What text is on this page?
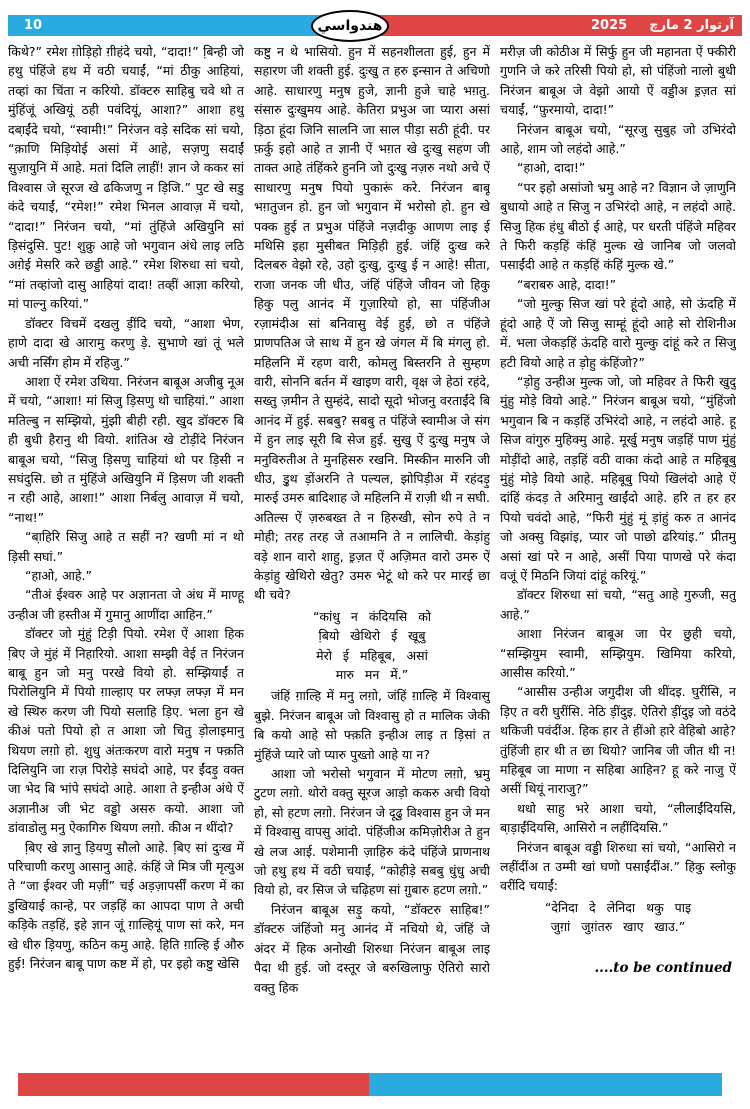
10	2025 آرتوار 2 مارچ
هندواسي

किथे?” रमेश ग़ोड़िहो ग़ीहंदे चयो, “दादा!” बि़न्ही जो हथु पंहिंजे हथ में वठी चयाईं, “मां ठीकु आहियां, तव्हां का चिंता न करियो. डॉक्टरु साहिबु चवे थो त मुंहिंजूं अखियूं ठही पवंदियूं, आशा?” आशा हथु दबा़ईंदे चयो, “स्वामी!” निरंजन वड़े सदिक सां चयो, “क़ाणि मिड़ियोई असां में आहे, सज़णु सदाईं सुज़ायुनि में आहे. मतां दिलि लाहीं! ज्ञान जे ककर सां विश्वास जे सूरज खे ढकिजणु न ड़िजि.” पुट खे सडु कंदे चयाईं, “रमेश!” रमेश भिनल आवाज़ में चयो, “दादा!” निरंजन चयो, “मां तुंहिंजे अखियुनि सां ड़िसंदुसि. पुट! शुक्रु आहे जो भगुवान अंधे लाइ लठि अग़ेई मेसरि करे छड्डी आहे.” रमेश शिरुधा सां चयो, “मां तव्हांजो दासु आहियां दादा! तव्हीं आज्ञा करियो, मां पाल्नु करियां.”

डॉक्टर विचमें दखलु ड़ींदि चयो, “आशा भेण, हाणे दादा खे आरामु करणु ड़े. सुभाणे खां तूं भले अची नर्सिंग होम में रहिजु.”

आशा ऐं रमेश उथिया. निरंजन बाबूअ अजीबु नूअ में चयो, “आशा! मां सिजु ड़िसणु थो चाहियां.” आशा मतिल्बु न सम्झियो, मुंझी बीही रही. खुद डॉक्टरु बि ही बुधी हैरानु थी वियो. शांतिअ खे टोड़ींदे निरंजन बाबूअ चयो, “सिजु ड़िसणु चाहियां थो पर ड़िसी न सघंदुसि. छो त मुंहिंजे अखियुनि में ड़िसण जी शक्ती न रही आहे, आशा!” आशा निर्बलु आवाज़ में चयो, “नाथ!”

“बा़हिरि सिजु आहे त सहीं न? खणी मां न थो ड़िसी सघां.”

“हाओ, आहे.”

“तीअं ईश्वरु आहे पर अज्ञानता जे अंध में माण्हू उन्हीअ जी हस्तीअ में गुमानु आणींदा आहिन.”

डॉक्टर जो मुंहुं टिड़ी पियो. रमेश ऐं आशा हिक बि़ए जे मुंहं में निहारियो. आशा सम्झी वेई त निरंजन बाबू हुन जो मनु परखे वियो हो. सम्झियाईं त पिरोलियुनि में पियो ग़ाल्हाए पर लफ्ज़ लफ्ज़ में मन खे स्थिरु करण जी पियो सलाहि ड़िए. भला हुन खे कीअं पतो पियो हो त आशा जो चितु ड़ोलाइमानु थियण लग़ो हो. शुधु अंतःकरण वारो मनुष न फ्क़ति दिलियुनि जा राज़ पिरोड़े सघंदो आहे, पर ईंदड़ु वक्त जा भेद बि भांपे सघंदो आहे. आशा ते इन्हीअ अंधे ऐं अज्ञानीअ जी भेट वड्डो असरु कयो. आशा जो डांवाडोलु मनु ऐकागिरु थियण लग़ो. कीअ न थींदो?

बि़ए खे ज्ञानु ड़ियणु सौलो आहे. बि़ए सां दुःख में परिचाणी करणु आसानु आहे. कंहिं जे मित्र जी मृत्युअ ते “जा ईश्वर जी मज़ीं” चई अड़ज़ापर्सीं करण में का डुखियाई कान्हे, पर जड़हिं का आपदा पाण ते अची कड़िके तड़हिं, इहे ज्ञान जूं ग़ाल्हियूं पाण सां करे, मन खे धीरु ड़ियणु, कठिन कमु आहे. हिति ग़ाल्हि ई औरु हुई! निरंजन बाबू पाण कष्ट में हो, पर इहो कष्टु खेसि

कष्टु न थे भासियो. हुन में सहनशीलता हुई, हुन में सहारण जी शक्ती हुई. दुःखु त हरु इन्सान ते अचिणो आहे. साधारणु मनुष हुजे, ज्ञानी हुजे चाहे भग़तु. संसारु दुःखुमय आहे. केतिरा प्रभुअ जा प्यारा असां ड़िठा हूंदा जिनि सालनि जा साल पीड़ा सठी हूंदी. पर फ़र्कु इहो आहे त ज्ञानी ऐं भग़त खे दुःखु सहण जी ताक्त आहे तंहिंकरे हुननि जो दुःखु नज़रु नथो अचे ऐं साधारणु मनुष पियो पुकारूं करे. निरंजन बाबू भग़तुजन हो. हुन जो भगुवान में भरोसो हो. हुन खे पक्क हुई त प्रभुअ पंहिंजे नज़दीकु आणण लाइ ई मथिसि इहा मुसीबत मिड़िही हुई. जंहिं दुःख करे दिलबरु वेझो रहे, उहो दुःखु, दुःखु ई न आहे! सीता, राजा जनक जी धीउ, जंहिं पंहिंजे जीवन जो हिकु हिकु पलु आनंद में गुज़ारियो हो, सा पंहिंजीअ रज़ामंदीअ सां बनिवासु वेई हुई, छो त पंहिंजे प्राणपतिअ जे साथ में हुन खे जंगल में बि मंगलु हो. महिलनि में रहण वारी, कोमलु बिस्तरनि ते सुम्हण वारी, सोननि बर्तन में खाइण वारी, वृक्ष जे हेठां रहंदे, सख्तु ज़मीन ते सुम्हंदे, सादो सूदो भोजनु वरताईंदे बि आनंद में हुई. सबबु? सबबु त पंहिंजे स्वामीअ जे संग में हुन लाइ सूरी बि सेज हुई. सुखु ऐं दुःखु मनुष जे मनुविरुतीअ ते मुनहिसरु रखनि. मिस्कीन मारुनि जी धीउ, डु़थ ड़ोंअरनि ते पल्यल, झोपिड़ीअ में रहंदड़ु मारुई उमरु बादिशाह जे महिलनि में राज़ी थी न सघी. अतिल्स ऐं ज़रुबख्त ते न हिरुखी, सोन रुपे ते न मोही; तरह तरह जे तआमनि ते न लालिची. केड़ांहु वड़े शान वारो शाहु, इ़ज़त ऐं अज़िमत वारो उमरु ऐं केड़ांहु खेथिरो खेतु? उमरु भेटूं थो करे पर मारई छा थी चवे?

“कांधु न कंदियसि को
बि़यो खेथिरो ई खूबु
मेरो ई महिबूब, असां
मारु मन में.”

जंहिं ग़ाल्हि में मनु लग़ो, जंहिं ग़ाल्हि में विश्वासु बुझे. निरंजन बाबूअ जो विश्वासु हो त मालिक जेकी बि कयो आहे सो फ्क़ति इन्हीअ लाइ त ड़िसां त मुंहिंजे प्यारे जो प्यारु पुख्तो आहे या न?

आशा जो भरोसो भगुवान में मोटण लग़ो, भ्रमु टुटण लग़ो. थोरो वक्तु सूरज आड़ो ककरु अची वियो हो, सो हटण लग़ो. निरंजन जे दूढु विश्वास हुन जे मन में विश्वासु वापसु आंदो. पंहिंजीअ कमिज़ोरीअ ते हुन खे लज आई. पशेमानी ज़ाहिरु कंदे पंहिंजे प्राणनाथ जो हथु हथ में वठी चयाईं, “कोहीड़े सबबु धुंधु अची वियो हो, वर सिज जे चढ़िहण सां गु़बारु हटण लग़ो.”

निरंजन बाबूअ सड़ु कयो, “डॉक्टरु साहिब!” डॉक्टरु जंहिंजो मनु आनंद में नचियो थे, जंहिं जे अंदर में हिक अनोखी शिरुधा निरंजन बाबूअ लाइ पैदा थी हुई. जो दस्तूर जे बरुखिलाफु ऐतिरो सारो वक्तु हिक

मरीज़ जी कोठीअ में सिर्फु हुन जी महानता ऐं फ्कीरी गुणनि जे करे तरिसी पियो हो, सो पंहिंजो नालो बुधी निरंजन बाबूअ जे वेझो आयो ऐं वड्डीअ इ़ज़त सां चयाईं, “फ़ुरमायो, दादा!”

निरंजन बाबूअ चयो, “सूरजु सुबुह जो उभिरंदो आहे, शाम जो लहंदो आहे.”

“हाओ, दादा!”

“पर इहो असांजो भ्रमु आहे न? विज्ञान जे ज़ाणुनि बुधायो आहे त सिजु न उभिरंदो आहे, न लहंदो आहे. सिजु हिक हंधु बीठो ई आहे, पर धरती पंहिंजे महिवर ते फिरी कड़हिं कंहिं मुल्क खे जानिब जो जलवो पसाईंदी आहे त कड़हिं कंहिं मुल्क खे.”

“बराबरु आहे, दादा!”

“जो मुल्कु सिज खां परे हूंदो आहे, सो ऊंदहि में हूंदो आहे ऐं जो सिजु साम्हूं हूंदो आहे सो रोशिनीअ में. भला जेकड़हिं ऊंदहि वारो मुल्कु दांहूं करे त सिजु हटी वियो आहे त ड़ोहु कंहिंजो?”

“ड़ोहु उन्हीअ मुल्क जो, जो महिवर ते फिरी खुदु मुंहु मोड़े वियो आहे.” निरंजन बाबूअ चयो, “मुंहिंजो भगुवान बि न कड़हिं उभिरंदो आहे, न लहंदो आहे. हू सिज वांगुरु मुहिक्मु आहे. मूर्खु मनुष जड़हिं पाण मुंहुं मोड़ींदो आहे, तड़हिं वठी वाका कंदो आहे त महिबूबु मुंहुं मोड़े वियो आहे. महिबूबु पियो खिलंदो आहे ऐं दांहिं कंदड़ ते अरिमानु खाईंदो आहे. हरि त हर हर पियो चवंदो आहे, “फिरी मुंहुं मूं ड़ांहुं करु त आनंद जो अक्सु विझांइ, प्यार जो पाछो ढरियांइ.” प्रीतमु असां खां परे न आहे, असीं पिया पाणखे परे कंदा वजूं ऐं मिठनि जियां दांहूं करियूं.”

डॉक्टर शिरुधा सां चयो, “सतु आहे गुरुजी, सतु आहे.”

आशा निरंजन बाबूअ जा पेर छुही चयो, “सम्झियुम स्वामी, सम्झियुम. खिमिया करियो, आसीस करियो.”

“आसीस उन्हीअ जगुदीश जी थींदइ. घुरींसि, न ड़िए त वरी घुरींसि. नेठि ड़ींदुइ. ऐतिरो ड़ींदुइ जो वठंदे थकिजी पवंदींअ. हिक हार ते हींओ हारे वेहिबो आहे? तुंहिंजी हार थी त छा थियो? जानिब जी जीत थी न! महिबूब जा माणा न सहिबा आहिन? हू करे नाजु ऐं असीं थियूं नाराजु?”

थधो साहु भरे आशा चयो, “लीलाईंदियसि, बा़ड़ाईंदियसि, आसिरो न लहींदियसि.”

निरंजन बाबूअ वड्डी शिरुधा सां चयो, “आसिरो न लहींदींअ त उम्मी खां घणो पसाईंदींअ.” हिकु स्लोकु वरींदि चयाईं:

“देनिदा दे लेनिदा थकु पाइ
जुग़ां जुग़ंतरु खाए खाउ.”
....to be continued
